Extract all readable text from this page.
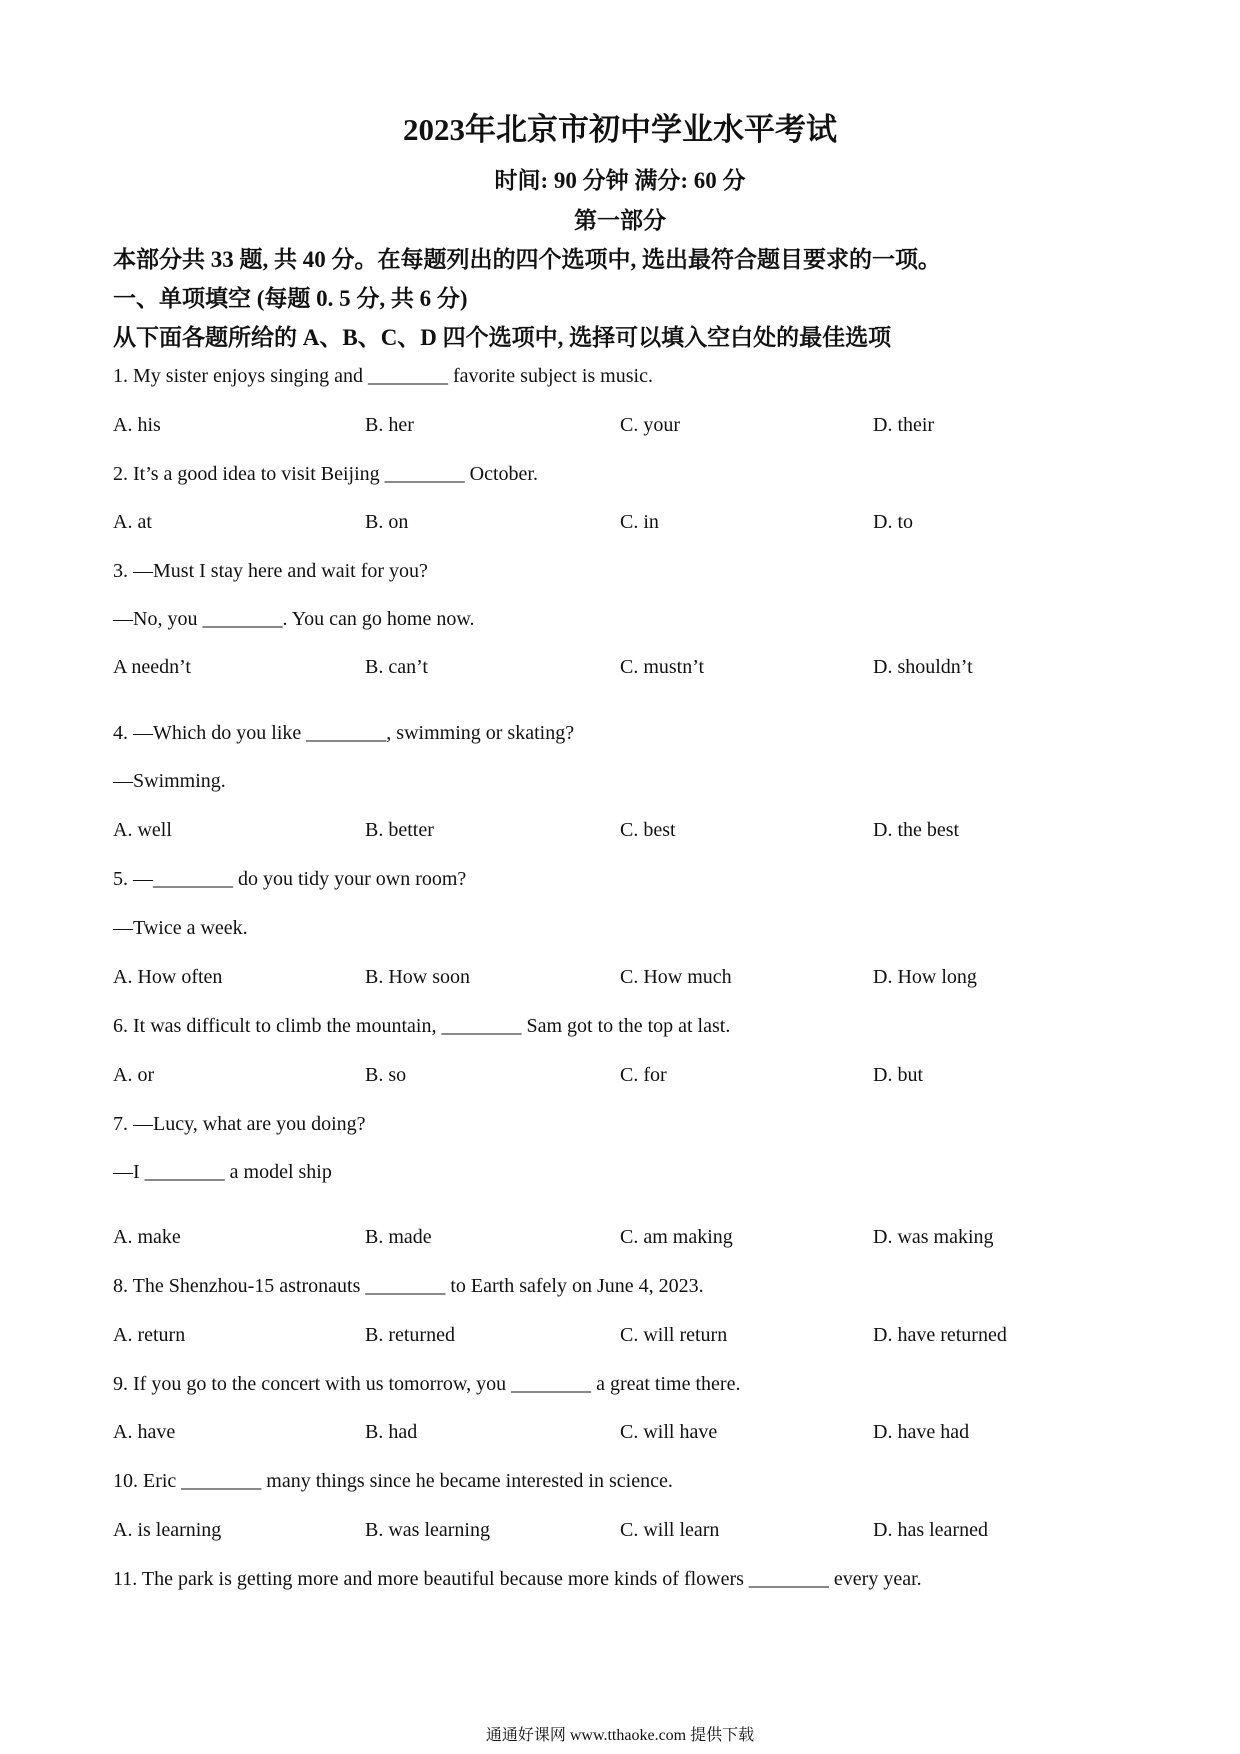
2023年北京市初中学业水平考试
时间: 90 分钟 满分: 60 分
第一部分
本部分共 33 题, 共 40 分。在每题列出的四个选项中, 选出最符合题目要求的一项。
一、单项填空 (每题 0. 5 分, 共 6 分)
从下面各题所给的 A、B、C、D 四个选项中, 选择可以填入空白处的最佳选项
1. My sister enjoys singing and ________ favorite subject is music.
A. his	B. her	C. your	D. their
2. It’s a good idea to visit Beijing ________ October.
A. at	B. on	C. in	D. to
3. —Must I stay here and wait for you?
—No, you ________. You can go home now.
A needn’t	B. can’t	C. mustn’t	D. shouldn’t
4. —Which do you like ________, swimming or skating?
—Swimming.
A. well	B. better	C. best	D. the best
5. —________ do you tidy your own room?
—Twice a week.
A. How often	B. How soon	C. How much	D. How long
6. It was difficult to climb the mountain, ________ Sam got to the top at last.
A. or	B. so	C. for	D. but
7. —Lucy, what are you doing?
—I ________ a model ship
A. make	B. made	C. am making	D. was making
8. The Shenzhou-15 astronauts ________ to Earth safely on June 4, 2023.
A. return	B. returned	C. will return	D. have returned
9. If you go to the concert with us tomorrow, you ________ a great time there.
A. have	B. had	C. will have	D. have had
10. Eric ________ many things since he became interested in science.
A. is learning	B. was learning	C. will learn	D. has learned
11. The park is getting more and more beautiful because more kinds of flowers ________ every year.
通通好课网 www.tthaoke.com 提供下载
